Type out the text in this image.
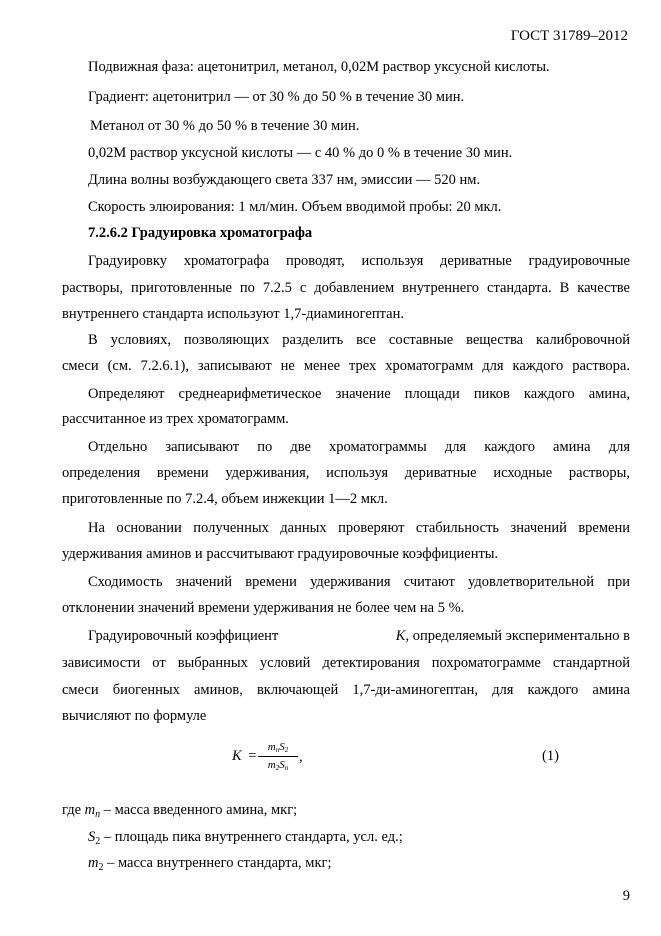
ГОСТ 31789–2012
Подвижная фаза: ацетонитрил, метанол, 0,02М раствор уксусной кислоты.
Градиент: ацетонитрил — от 30 % до 50 % в течение 30 мин.
Метанол от 30 % до 50 % в течение 30 мин.
0,02М раствор уксусной кислоты — с 40 % до 0 % в течение 30 мин.
Длина волны возбуждающего света 337 нм, эмиссии — 520 нм.
Скорость элюирования: 1 мл/мин. Объем вводимой пробы: 20 мкл.
7.2.6.2 Градуировка хроматографа
Градуировку хроматографа проводят, используя дериватные градуировочные
растворы, приготовленные по 7.2.5 с добавлением внутреннего стандарта. В качестве
внутреннего стандарта используют 1,7-диаминогептан.
В условиях, позволяющих разделить все составные вещества калибровочной
смеси (см. 7.2.6.1), записывают не менее трех хроматограмм для каждого раствора.
Определяют среднеарифметическое значение площади пиков каждого амина,
рассчитанное из трех хроматограмм.
Отдельно записывают по две хроматограммы для каждого амина для
определения времени удерживания, используя дериватные исходные растворы,
приготовленные по 7.2.4, объем инжекции 1—2 мкл.
На основании полученных данных проверяют стабильность значений времени
удерживания аминов и рассчитывают градуировочные коэффициенты.
Сходимость значений времени удерживания считают удовлетворительной при
отклонении значений времени удерживания не более чем на 5 %.
Градуировочный коэффициент	K, определяемый экспериментально в
зависимости от выбранных условий детектирования похроматограмме стандартной
смеси биогенных аминов, включающей 1,7-ди-аминогептан, для каждого амина
вычисляют по формуле
K =
$m_nS_2$
$m_2S_n$
,	(1)
где $m_n$ – масса введенного амина, мкг;
$S_2$ – площадь пика внутреннего стандарта, усл. ед.;
$m_2$ – масса внутреннего стандарта, мкг;
9
